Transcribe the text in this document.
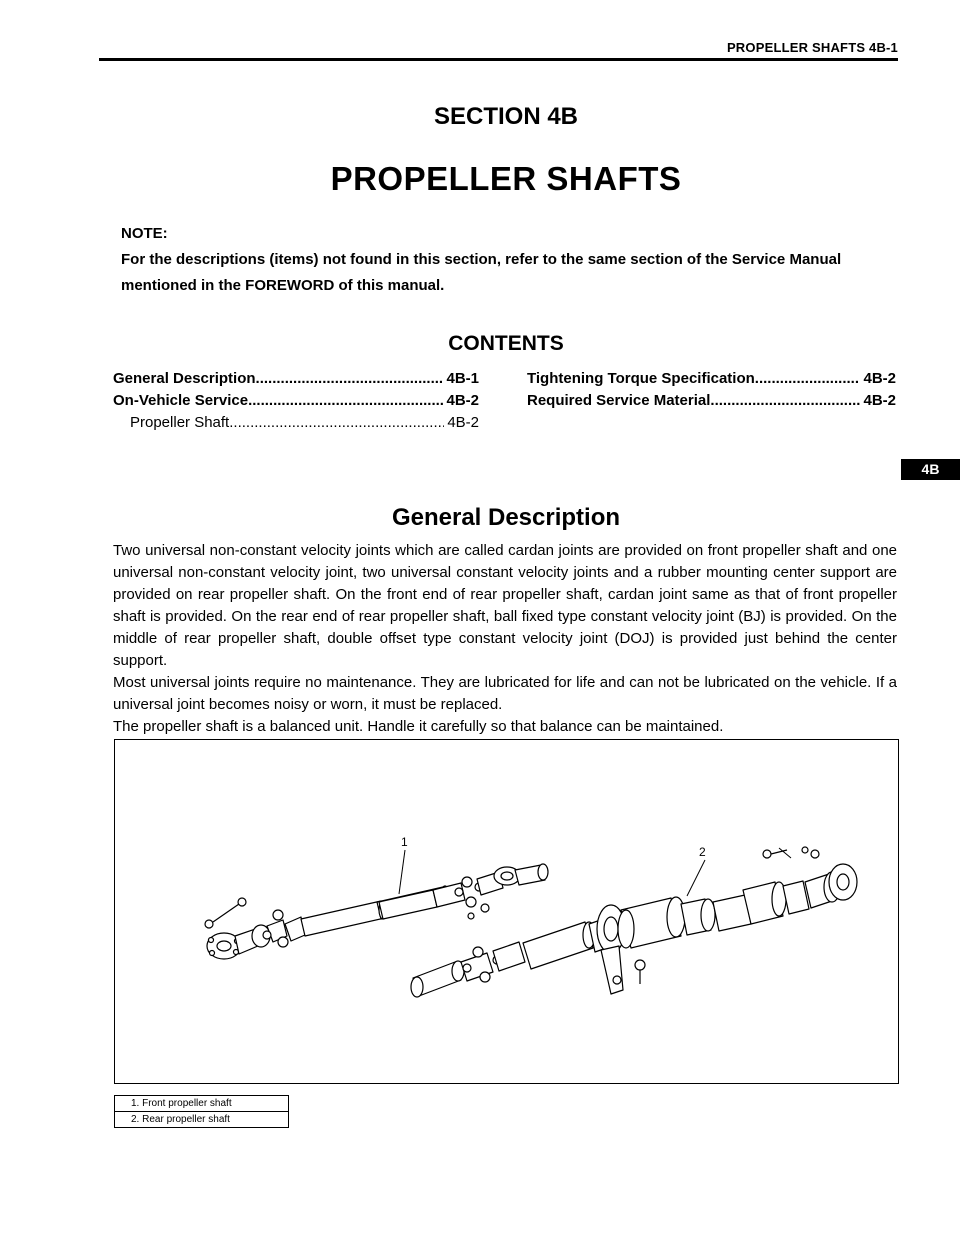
PROPELLER SHAFTS 4B-1
SECTION 4B
PROPELLER SHAFTS
NOTE:
For the descriptions (items) not found in this section, refer to the same section of the Service Manual mentioned in the FOREWORD of this manual.
CONTENTS
General Description .....	4B-1
On-Vehicle Service .....	4B-2
Propeller Shaft .....	4B-2
Tightening Torque Specification .....	4B-2
Required Service Material .....	4B-2
4B
General Description

Two universal non-constant velocity joints which are called cardan joints are provided on front propeller shaft and one universal non-constant velocity joint, two universal constant velocity joints and a rubber mounting center support are provided on rear propeller shaft. On the front end of rear propeller shaft, cardan joint same as that of front propeller shaft is provided. On the rear end of rear propeller shaft, ball fixed type constant velocity joint (BJ) is provided. On the middle of rear propeller shaft, double offset type constant velocity joint (DOJ) is provided just behind the center support.

Most universal joints require no maintenance. They are lubricated for life and can not be lubricated on the vehicle. If a universal joint becomes noisy or worn, it must be replaced.

The propeller shaft is a balanced unit. Handle it carefully so that balance can be maintained.

1
2
1. Front propeller shaft
2. Rear propeller shaft
